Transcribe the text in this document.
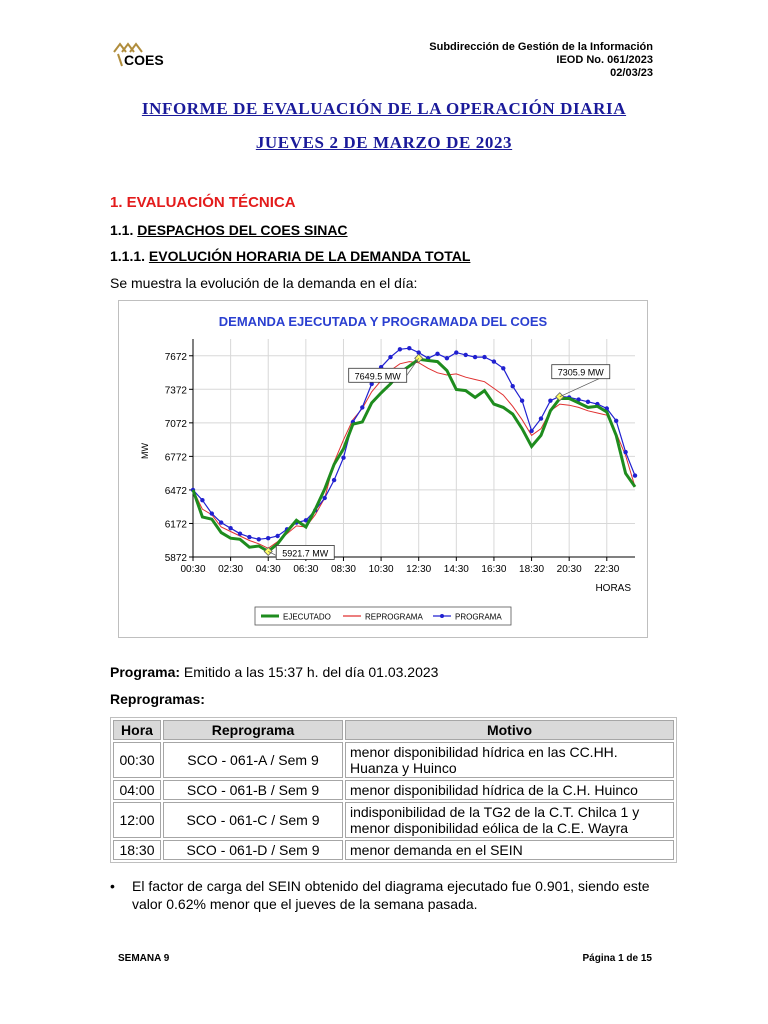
COES
Subdirección de Gestión de la Información
IEOD No. 061/2023
02/03/23
INFORME DE EVALUACIÓN DE LA OPERACIÓN DIARIA
JUEVES 2 DE MARZO DE 2023
1. EVALUACIÓN TÉCNICA
1.1. DESPACHOS DEL COES SINAC
1.1.1. EVOLUCIÓN HORARIA DE LA DEMANDA TOTAL
Se muestra la evolución de la demanda en el día:
DEMANDA EJECUTADA Y PROGRAMADA DEL COES
MW
HORAS
5872
6172
6472
6772
7072
7372
7672
00:30 02:30 04:30 06:30 08:30 10:30 12:30 14:30 16:30 18:30 20:30 22:30
5921.7 MW
7649.5 MW	7305.9 MW
EJECUTADO	REPROGRAMA	PROGRAMA
Programa: Emitido a las 15:37 h. del día 01.03.2023
Reprogramas:
Hora	Reprograma	Motivo
00:30	SCO - 061-A / Sem 9	menor disponibilidad hídrica en las CC.HH. Huanza y Huinco
04:00	SCO - 061-B / Sem 9	menor disponibilidad hídrica de la C.H. Huinco
12:00	SCO - 061-C / Sem 9	indisponibilidad de la TG2 de la C.T. Chilca 1 y menor disponibilidad eólica de la C.E. Wayra
18:30	SCO - 061-D / Sem 9	menor demanda en el SEIN
• El factor de carga del SEIN obtenido del diagrama ejecutado fue 0.901, siendo este valor 0.62% menor que el jueves de la semana pasada.
SEMANA 9	Página 1 de 15
